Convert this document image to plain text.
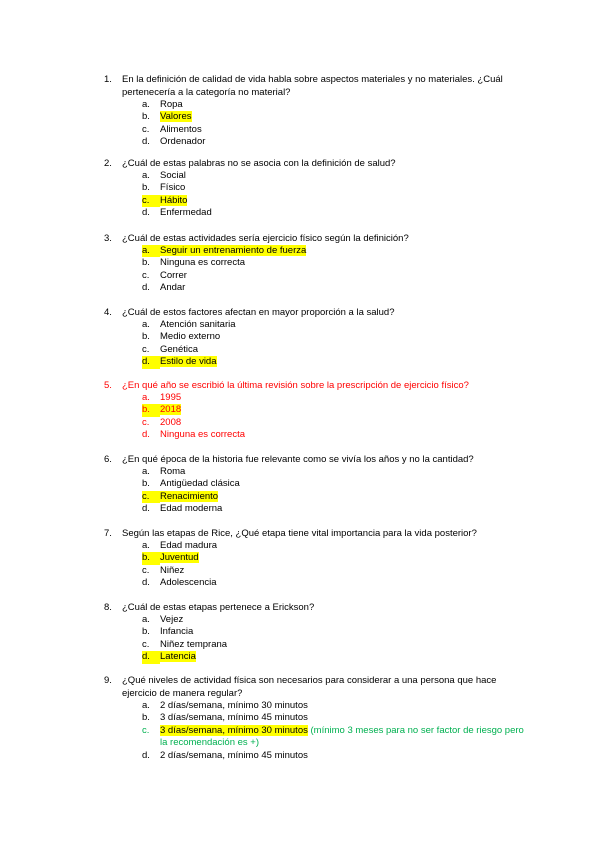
1.	En la definición de calidad de vida habla sobre aspectos materiales y no materiales. ¿Cuál pertenecería a la categoría no material?
a.	Ropa
b.	Valores
c.	Alimentos
d.	Ordenador
2.	¿Cuál de estas palabras no se asocia con la definición de salud?
a.	Social
b.	Físico
c.	Hábito
d.	Enfermedad
3.	¿Cuál de estas actividades sería ejercicio físico según la definición?
a.	Seguir un entrenamiento de fuerza
b.	Ninguna es correcta
c.	Correr
d.	Andar
4.	¿Cuál de estos factores afectan en mayor proporción a la salud?
a.	Atención sanitaria
b.	Medio externo
c.	Genética
d.	Estilo de vida
5.	¿En qué año se escribió la última revisión sobre la prescripción de ejercicio físico?
a.	1995
b.	2018
c.	2008
d.	Ninguna es correcta
6.	¿En qué época de la historia fue relevante como se vivía los años y no la cantidad?
a.	Roma
b.	Antigüedad clásica
c.	Renacimiento
d.	Edad moderna
7.	Según las etapas de Rice, ¿Qué etapa tiene vital importancia para la vida posterior?
a.	Edad madura
b.	Juventud
c.	Niñez
d.	Adolescencia
8.	¿Cuál de estas etapas pertenece a Erickson?
a.	Vejez
b.	Infancia
c.	Niñez temprana
d.	Latencia
9.	¿Qué niveles de actividad física son necesarios para considerar a una persona que hace ejercicio de manera regular?
a.	2 días/semana, mínimo 30 minutos
b.	3 días/semana, mínimo 45 minutos
c.	3 días/semana, mínimo 30 minutos (mínimo 3 meses para no ser factor de riesgo pero la recomendación es +)
d.	2 días/semana, mínimo 45 minutos
